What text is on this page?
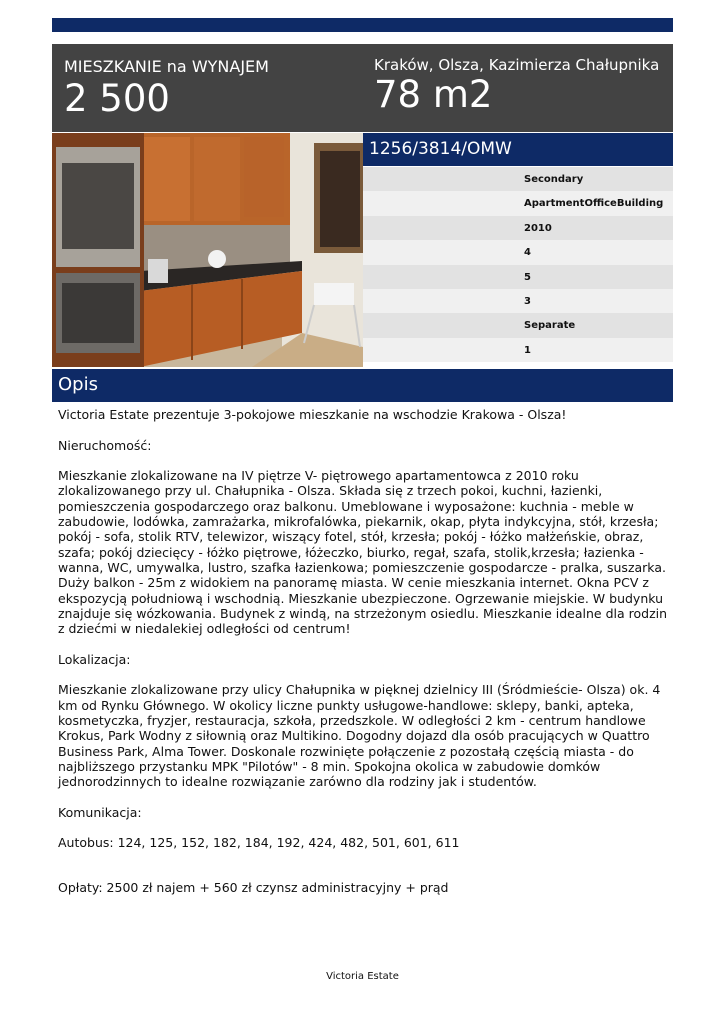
MIESZKANIE na WYNAJEM
2 500
Kraków, Olsza, Kazimierza Chałupnika
78 m2
1256/3814/OMW
Secondary
ApartmentOfficeBuilding
2010
4
5
3
Separate
1
Opis

Victoria Estate prezentuje 3-pokojowe mieszkanie na wschodzie Krakowa - Olsza!

Nieruchomość:

Mieszkanie zlokalizowane na IV piętrze V- piętrowego apartamentowca z 2010 roku zlokalizowanego przy ul. Chałupnika - Olsza. Składa się z trzech pokoi, kuchni, łazienki, pomieszczenia gospodarczego oraz balkonu. Umeblowane i wyposażone: kuchnia - meble w zabudowie, lodówka, zamrażarka, mikrofalówka, piekarnik, okap, płyta indykcyjna, stół, krzesła; pokój - sofa, stolik RTV, telewizor, wiszący fotel, stół, krzesła; pokój - łóżko małżeńskie, obraz, szafa; pokój dziecięcy - łóżko piętrowe, łóżeczko, biurko, regał, szafa, stolik,krzesła; łazienka - wanna, WC, umywalka, lustro, szafka łazienkowa; pomieszczenie gospodarcze - pralka, suszarka. Duży balkon - 25m z widokiem na panoramę miasta. W cenie mieszkania internet. Okna PCV z ekspozycją południową i wschodnią. Mieszkanie ubezpieczone. Ogrzewanie miejskie. W budynku znajduje się wózkowania. Budynek z windą, na strzeżonym osiedlu. Mieszkanie idealne dla rodzin z dziećmi w niedalekiej odległości od centrum!

Lokalizacja:

Mieszkanie zlokalizowane przy ulicy Chałupnika w pięknej dzielnicy III (Śródmieście- Olsza) ok. 4 km od Rynku Głównego. W okolicy liczne punkty usługowe-handlowe: sklepy, banki, apteka, kosmetyczka, fryzjer, restauracja, szkoła, przedszkole. W odległości 2 km - centrum handlowe Krokus, Park Wodny z siłownią oraz Multikino. Dogodny dojazd dla osób pracujących w Quattro Business Park, Alma Tower. Doskonale rozwinięte połączenie z pozostałą częścią miasta - do najbliższego przystanku MPK "Pilotów" - 8 min. Spokojna okolica w zabudowie domków jednorodzinnych to idealne rozwiązanie zarówno dla rodziny jak i studentów.

Komunikacja:

Autobus: 124, 125, 152, 182, 184, 192, 424, 482, 501, 601, 611

Opłaty: 2500 zł najem + 560 zł czynsz administracyjny + prąd

Victoria Estate
